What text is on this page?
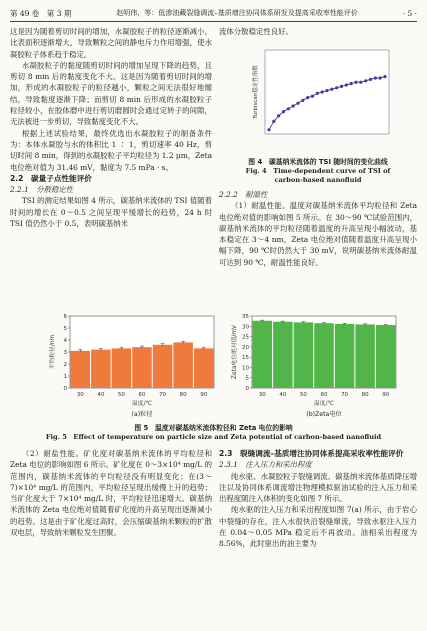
第 49 卷　第 3 期	赵明伟，等：低渗油藏裂缝调流–基质增注协同体系研发及提高采收率性能评价	· 5 ·

这是因为随着剪切时间的增加，水凝胶粒子的粒径逐渐减小，比表面积逐渐增大，导致颗粒之间的静电斥力作用增强，使水凝胶粒子体系趋于稳定。

水凝胶粒子的黏度随剪切时间的增加呈现下降的趋势，且剪切 8 min 后的黏度变化不大。这是因为随着剪切时间的增加，形成的水凝胶粒子的粒径越小，颗粒之间无法很好地缠结，导致黏度逐渐下降；而剪切 8 min 后形成的水凝胶粒子粒径较小，在胶体磨中进行剪切磨圆时会通过定转子的间隙，无法被进一步剪切，导致黏度变化不大。

根据上述试验结果，最终优选出水凝胶粒子的制备条件为：本体水凝胶与水的体积比 1 ∶ 1，剪切速率 40 Hz，剪切时间 8 min，得到的水凝胶粒子平均粒径为 1.2 μm，Zeta 电位绝对值为 31.46 mV，黏度为 7.5 mPa · s。

2.2　碳量子点性能评价

2.2.1　分散稳定性

TSI 的测定结果如图 4 所示，碳基纳米流体的 TSI 值随着时间的增长在 0～0.5 之间呈现平缓增长的趋势，24 h 时 TSI 值仍然小于 0.5，表明碳基纳米

流体分散稳定性良好。

Turbiscan稳定性指数
图 4　碳基纳米流体的 TSI 随时间的变化曲线
Fig. 4　Time-dependent curve of TSI of
carbon-based nanofluid

2.2.2　耐温性

（1）耐温性能。温度对碳基纳米流体平均粒径和 Zeta 电位绝对值的影响如图 5 所示。在 30～90 ℃试验范围内，碳基纳米流体的平均粒径随着温度的升高呈现小幅波动，基本稳定在 3～4 nm，Zeta 电位绝对值随着温度升高呈现小幅下降，90 ℃时仍然大于 30 mV，说明碳基纳米流体耐温可达到 90 ℃，耐温性能良好。

0
1
2
3
4
5
6
30 40 50 60 70 80 90
温度/℃
(a)粒径
平均粒径/nm
0
5
10
15
20
25
30
35
30 40 50 60 70 80 90
温度/℃
(b)Zeta电位
Zeta电位绝对值/mV
图 5　温度对碳基纳米流体粒径和 Zeta 电位的影响
Fig. 5　Effect of temperature on particle size and Zeta potential of carbon-based nanofluid

（2）耐盐性能。矿化度对碳基纳米流体的平均粒径和 Zeta 电位的影响如图 6 所示。矿化度在 0～3×10⁴ mg/L 的范围内，碳基纳米流体的平均粒径没有明显变化；在(3～7)×10⁴ mg/L 的范围内，平均粒径呈现出缓慢上升的趋势；当矿化度大于 7×10⁴ mg/L 时，平均粒径迅速增大。碳基纳米流体的 Zeta 电位绝对值随着矿化度的升高呈现出逐渐减小的趋势。这是由于矿化度过高时，会压缩碳基纳米颗粒的扩散双电层，导致纳米颗粒发生团聚。

2.3　裂缝调流–基质增注协同体系提高采收率性能评价

2.3.1　注入压力和采出程度

纯水驱、水凝胶粒子裂缝调流、碳基纳米流体基质降压增注以及协同体系调流增注物理模拟驱油试验的注入压力和采出程度随注入体积的变化如图 7 所示。

纯水驱的注入压力和采出程度如图 7(a) 所示，由于岩心中裂缝的存在，注入水很快沿裂缝窜流，导致水驱注入压力在 0.04～0.05 MPa 稳定后不再波动。油相采出程度为 8.56%，此时驱出的油主要为
